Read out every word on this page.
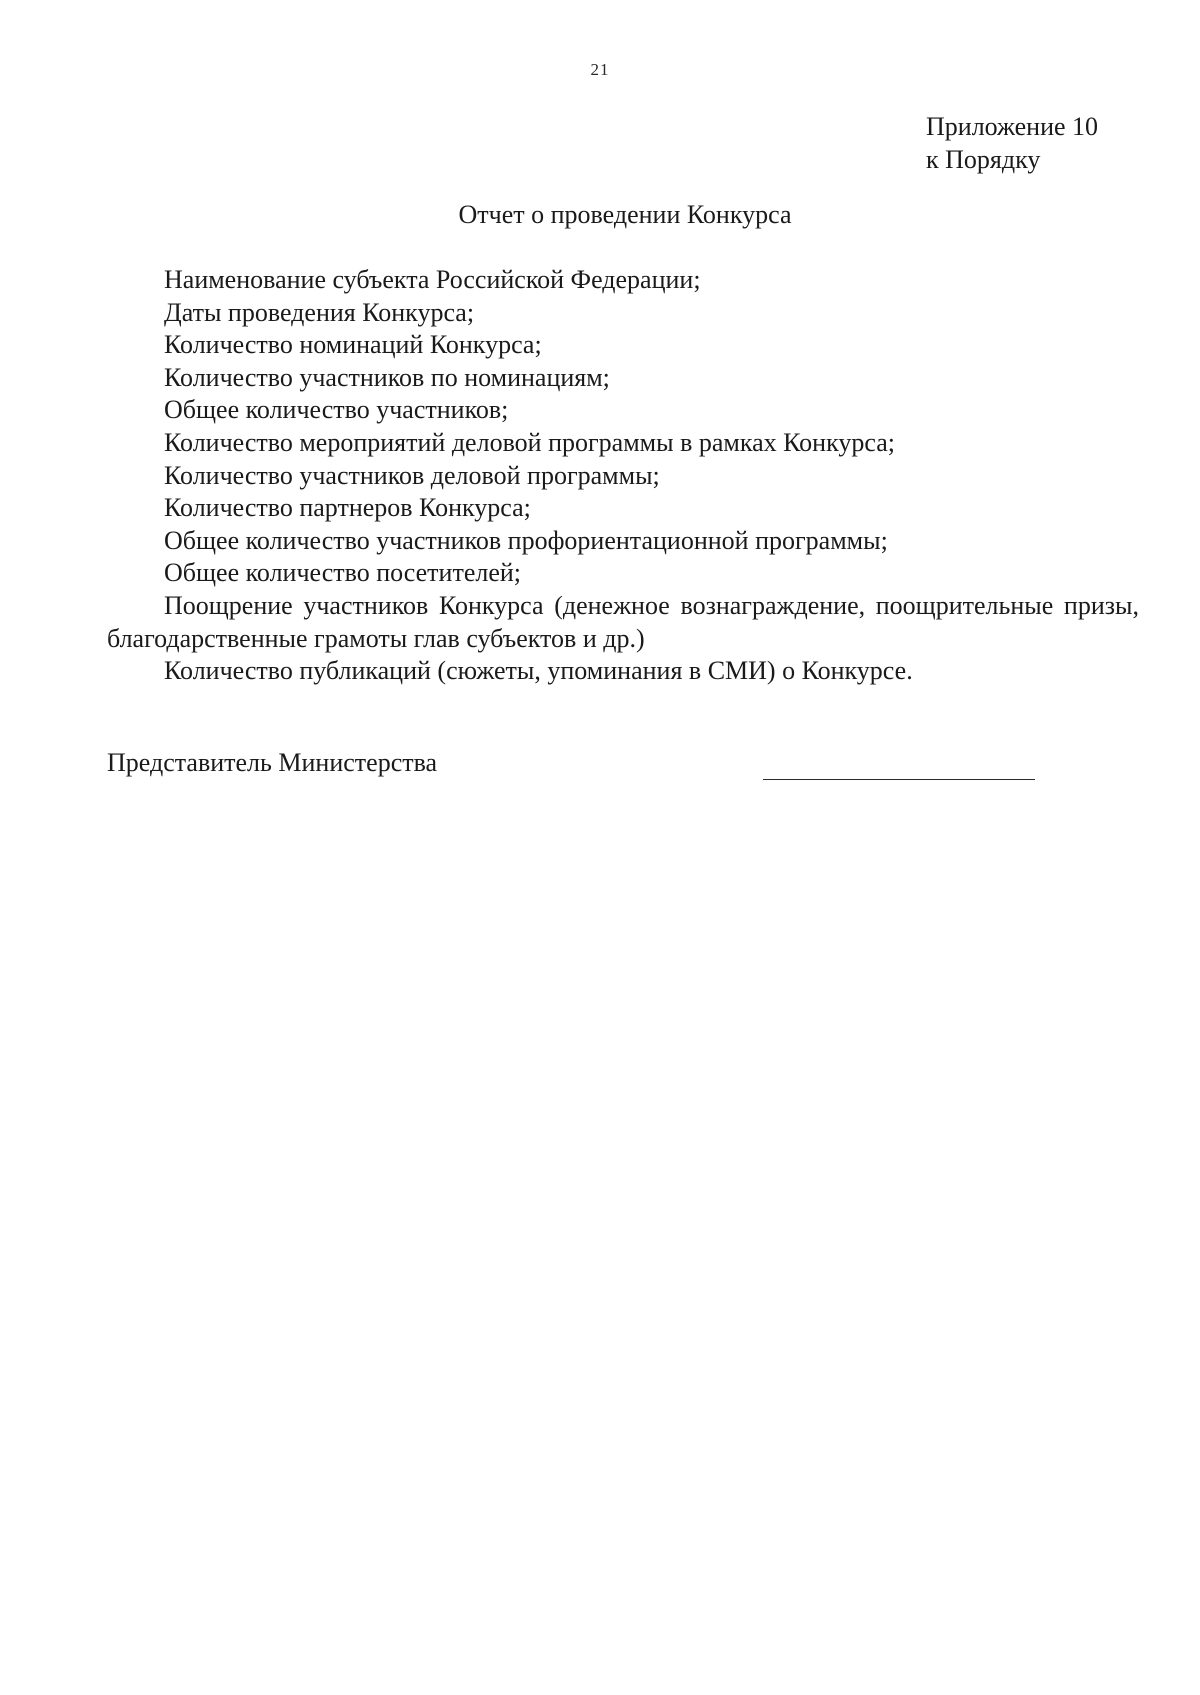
21
Приложение 10
к Порядку
Отчет о проведении Конкурса
Наименование субъекта Российской Федерации;
Даты проведения Конкурса;
Количество номинаций Конкурса;
Количество участников по номинациям;
Общее количество участников;
Количество мероприятий деловой программы в рамках Конкурса;
Количество участников деловой программы;
Количество партнеров Конкурса;
Общее количество участников профориентационной программы;
Общее количество посетителей;
Поощрение участников Конкурса (денежное вознаграждение, поощрительные призы, благодарственные грамоты глав субъектов и др.)
Количество публикаций (сюжеты, упоминания в СМИ) о Конкурсе.
Представитель Министерства
